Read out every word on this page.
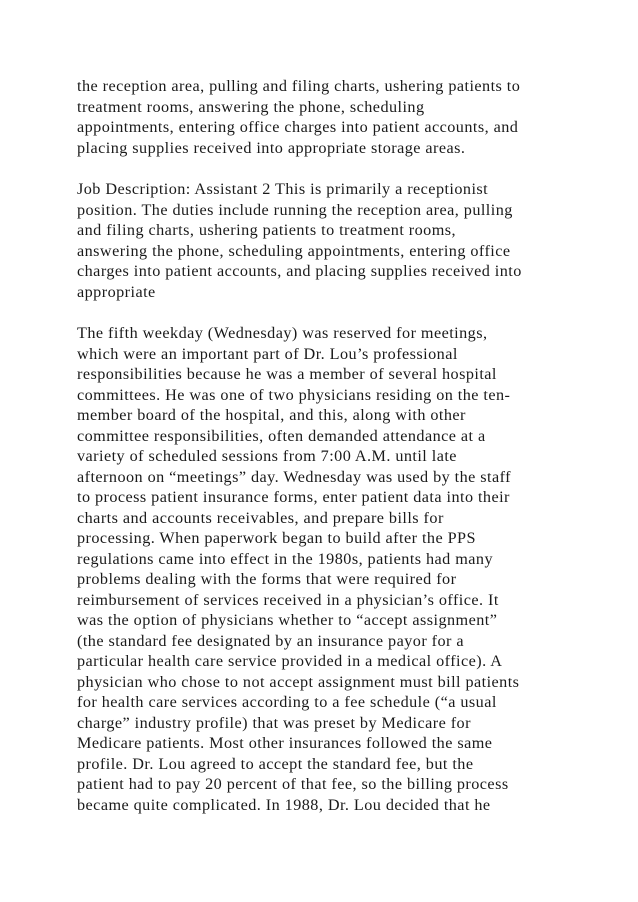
the reception area, pulling and filing charts, ushering patients to
treatment rooms, answering the phone, scheduling
appointments, entering office charges into patient accounts, and
placing supplies received into appropriate storage areas.

Job Description: Assistant 2 This is primarily a receptionist
position. The duties include running the reception area, pulling
and filing charts, ushering patients to treatment rooms,
answering the phone, scheduling appointments, entering office
charges into patient accounts, and placing supplies received into
appropriate

The fifth weekday (Wednesday) was reserved for meetings,
which were an important part of Dr. Lou’s professional
responsibilities because he was a member of several hospital
committees. He was one of two physicians residing on the ten-
member board of the hospital, and this, along with other
committee responsibilities, often demanded attendance at a
variety of scheduled sessions from 7:00 A.M. until late
afternoon on “meetings” day. Wednesday was used by the staff
to process patient insurance forms, enter patient data into their
charts and accounts receivables, and prepare bills for
processing. When paperwork began to build after the PPS
regulations came into effect in the 1980s, patients had many
problems dealing with the forms that were required for
reimbursement of services received in a physician’s office. It
was the option of physicians whether to “accept assignment”
(the standard fee designated by an insurance payor for a
particular health care service provided in a medical office). A
physician who chose to not accept assignment must bill patients
for health care services according to a fee schedule (“a usual
charge” industry profile) that was preset by Medicare for
Medicare patients. Most other insurances followed the same
profile. Dr. Lou agreed to accept the standard fee, but the
patient had to pay 20 percent of that fee, so the billing process
became quite complicated. In 1988, Dr. Lou decided that he
